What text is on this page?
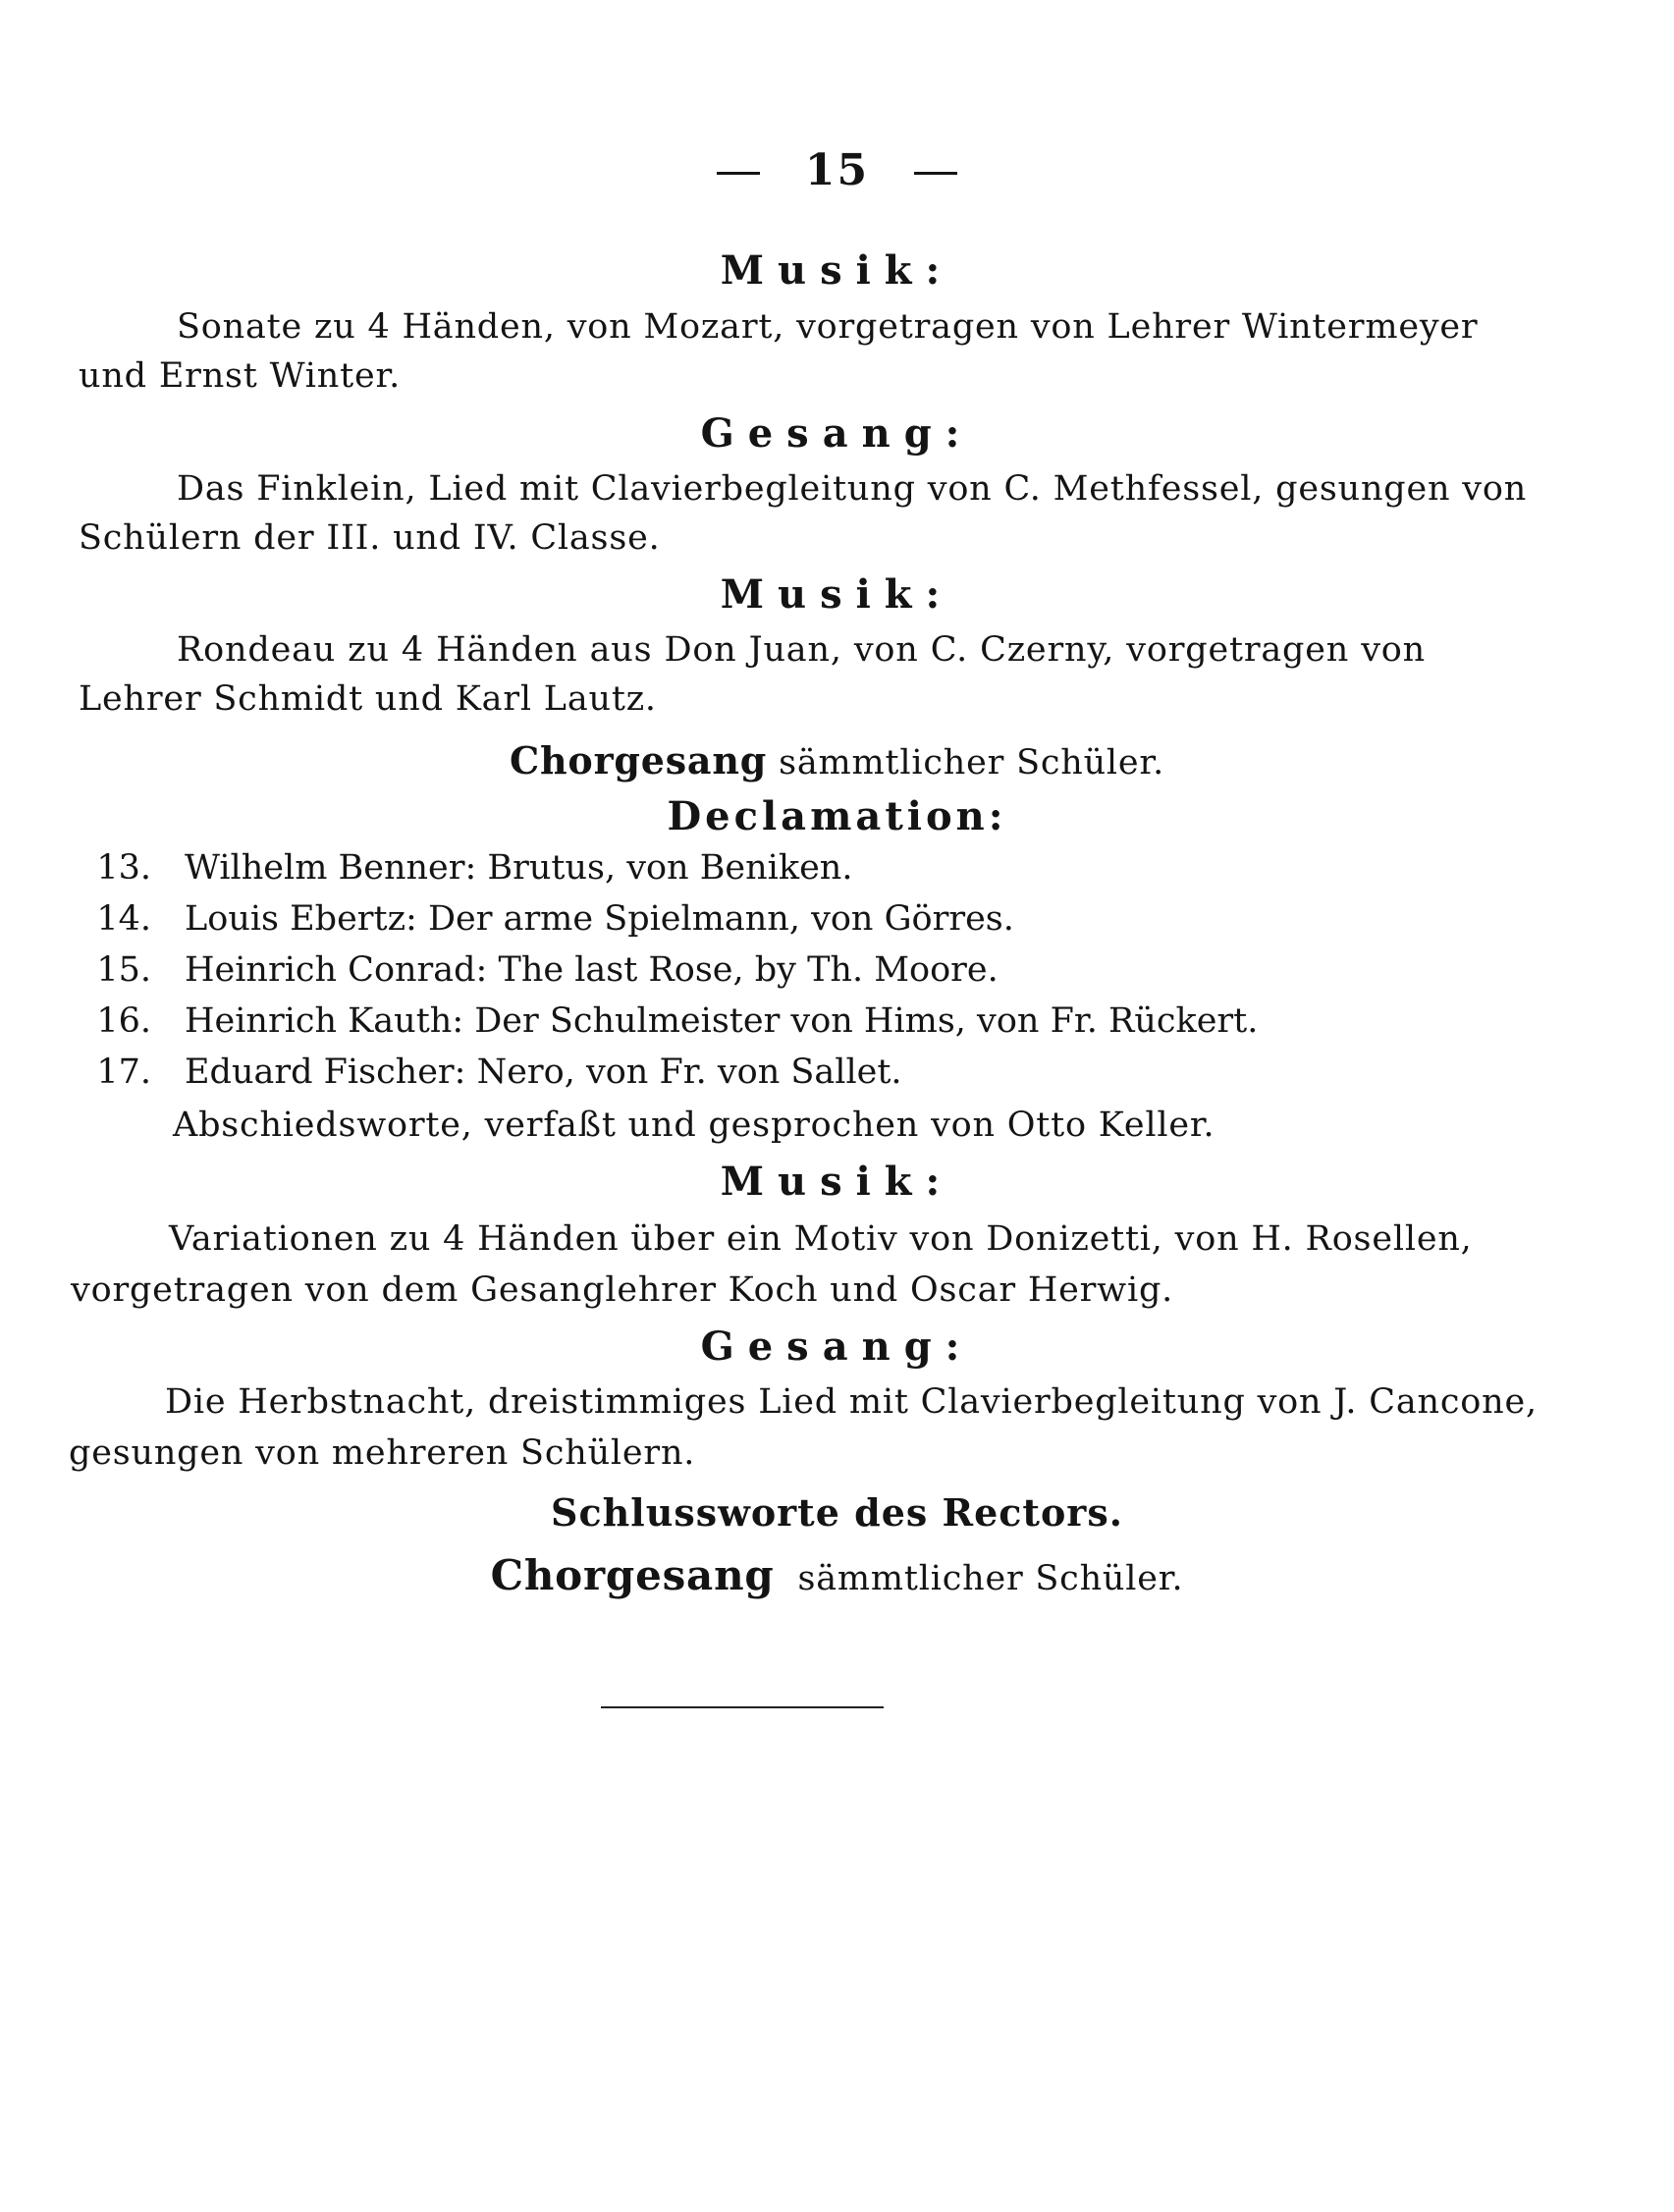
15
Musik:
Sonate zu 4 Händen, von Mozart, vorgetragen von Lehrer Wintermeyer
und Ernst Winter.
Gesang:
Das Finklein, Lied mit Clavierbegleitung von C. Methfessel, gesungen von
Schülern der III. und IV. Classe.
Musik:
Rondeau zu 4 Händen aus Don Juan, von C. Czerny, vorgetragen von
Lehrer Schmidt und Karl Lautz.
Chorgesang sämmtlicher Schüler.
Declamation:
13. Wilhelm Benner: Brutus, von Beniken.
14. Louis Ebertz: Der arme Spielmann, von Görres.
15. Heinrich Conrad: The last Rose, by Th. Moore.
16. Heinrich Kauth: Der Schulmeister von Hims, von Fr. Rückert.
17. Eduard Fischer: Nero, von Fr. von Sallet.
Abschiedsworte, verfaßt und gesprochen von Otto Keller.
Musik:
Variationen zu 4 Händen über ein Motiv von Donizetti, von H. Rosellen,
vorgetragen von dem Gesanglehrer Koch und Oscar Herwig.
Gesang:
Die Herbstnacht, dreistimmiges Lied mit Clavierbegleitung von J. Cancone,
gesungen von mehreren Schülern.
Schlussworte des Rectors.
Chorgesang sämmtlicher Schüler.
